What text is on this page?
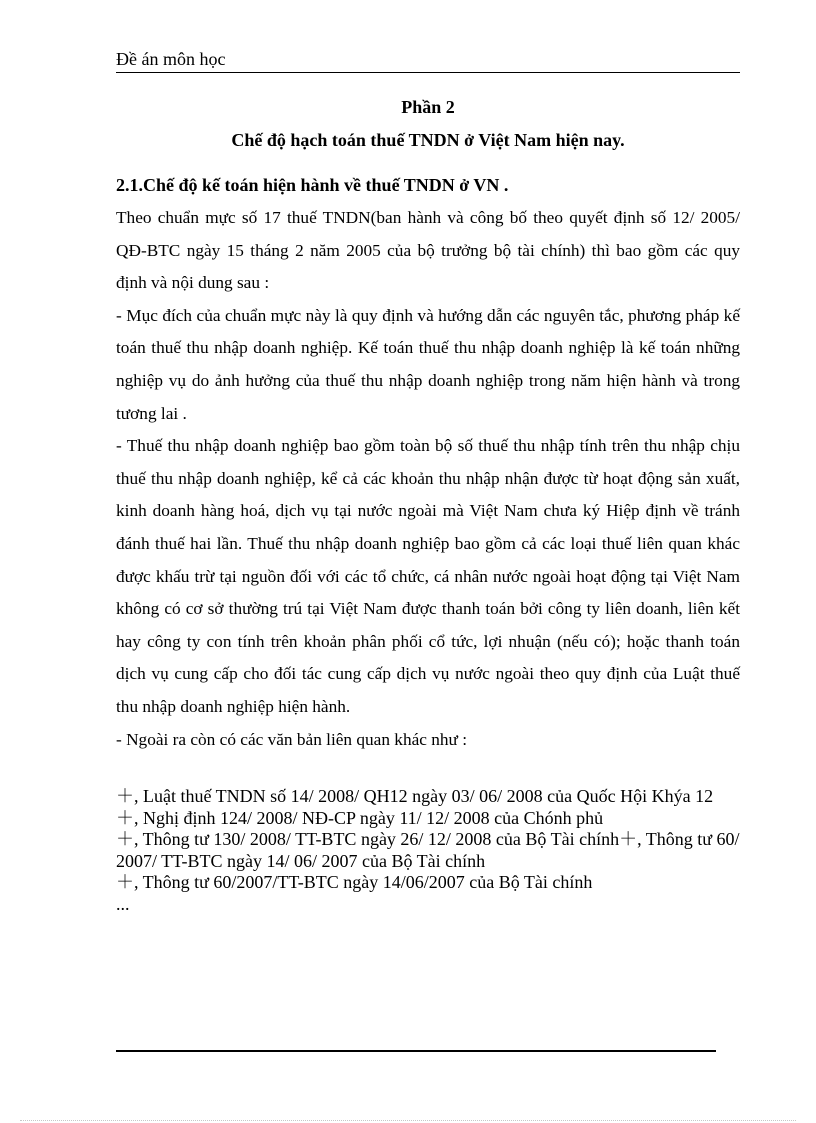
Đề án môn học
Phần 2
Chế độ hạch toán thuế TNDN ở Việt Nam hiện nay.
2.1.Chế độ kế toán hiện hành về thuế TNDN ở VN .

Theo chuẩn mực số 17 thuế TNDN(ban hành và công bố theo quyết định số 12/ 2005/ QĐ-BTC ngày 15 tháng 2 năm 2005 của bộ trưởng bộ tài chính) thì bao gồm các quy định và nội dung sau :

- Mục đích của chuẩn mực này là quy định và hướng dẫn các nguyên tắc, phương pháp kế toán thuế thu nhập doanh nghiệp. Kế toán thuế thu nhập doanh nghiệp là kế toán những nghiệp vụ do ảnh hưởng của thuế thu nhập doanh nghiệp trong năm hiện hành và trong tương lai .

- Thuế thu nhập doanh nghiệp bao gồm toàn bộ số thuế thu nhập tính trên thu nhập chịu thuế thu nhập doanh nghiệp, kể cả các khoản thu nhập nhận được từ hoạt động sản xuất, kinh doanh hàng hoá, dịch vụ tại nước ngoài mà Việt Nam chưa ký Hiệp định về tránh đánh thuế hai lần. Thuế thu nhập doanh nghiệp bao gồm cả các loại thuế liên quan khác được khấu trừ tại nguồn đối với các tổ chức, cá nhân nước ngoài hoạt động tại Việt Nam không có cơ sở thường trú tại Việt Nam được thanh toán bởi công ty liên doanh, liên kết hay công ty con tính trên khoản phân phối cổ tức, lợi nhuận (nếu có); hoặc thanh toán dịch vụ cung cấp cho đối tác cung cấp dịch vụ nước ngoài theo quy định của Luật thuế thu nhập doanh nghiệp hiện hành.

- Ngoài ra còn có các văn bản liên quan khác như :

＋, Luật thuế TNDN số 14/ 2008/ QH12 ngày 03/ 06/ 2008 của Quốc Hội Khýa 12
＋, Nghị định 124/ 2008/ NĐ-CP ngày 11/ 12/ 2008 của Chónh phủ
＋, Thông tư 130/ 2008/ TT-BTC ngày 26/ 12/ 2008 của Bộ Tài chính＋, Thông tư 60/ 2007/ TT-BTC ngày 14/ 06/ 2007 của Bộ Tài chính
＋, Thông tư 60/2007/TT-BTC ngày 14/06/2007 của Bộ Tài chính
...
